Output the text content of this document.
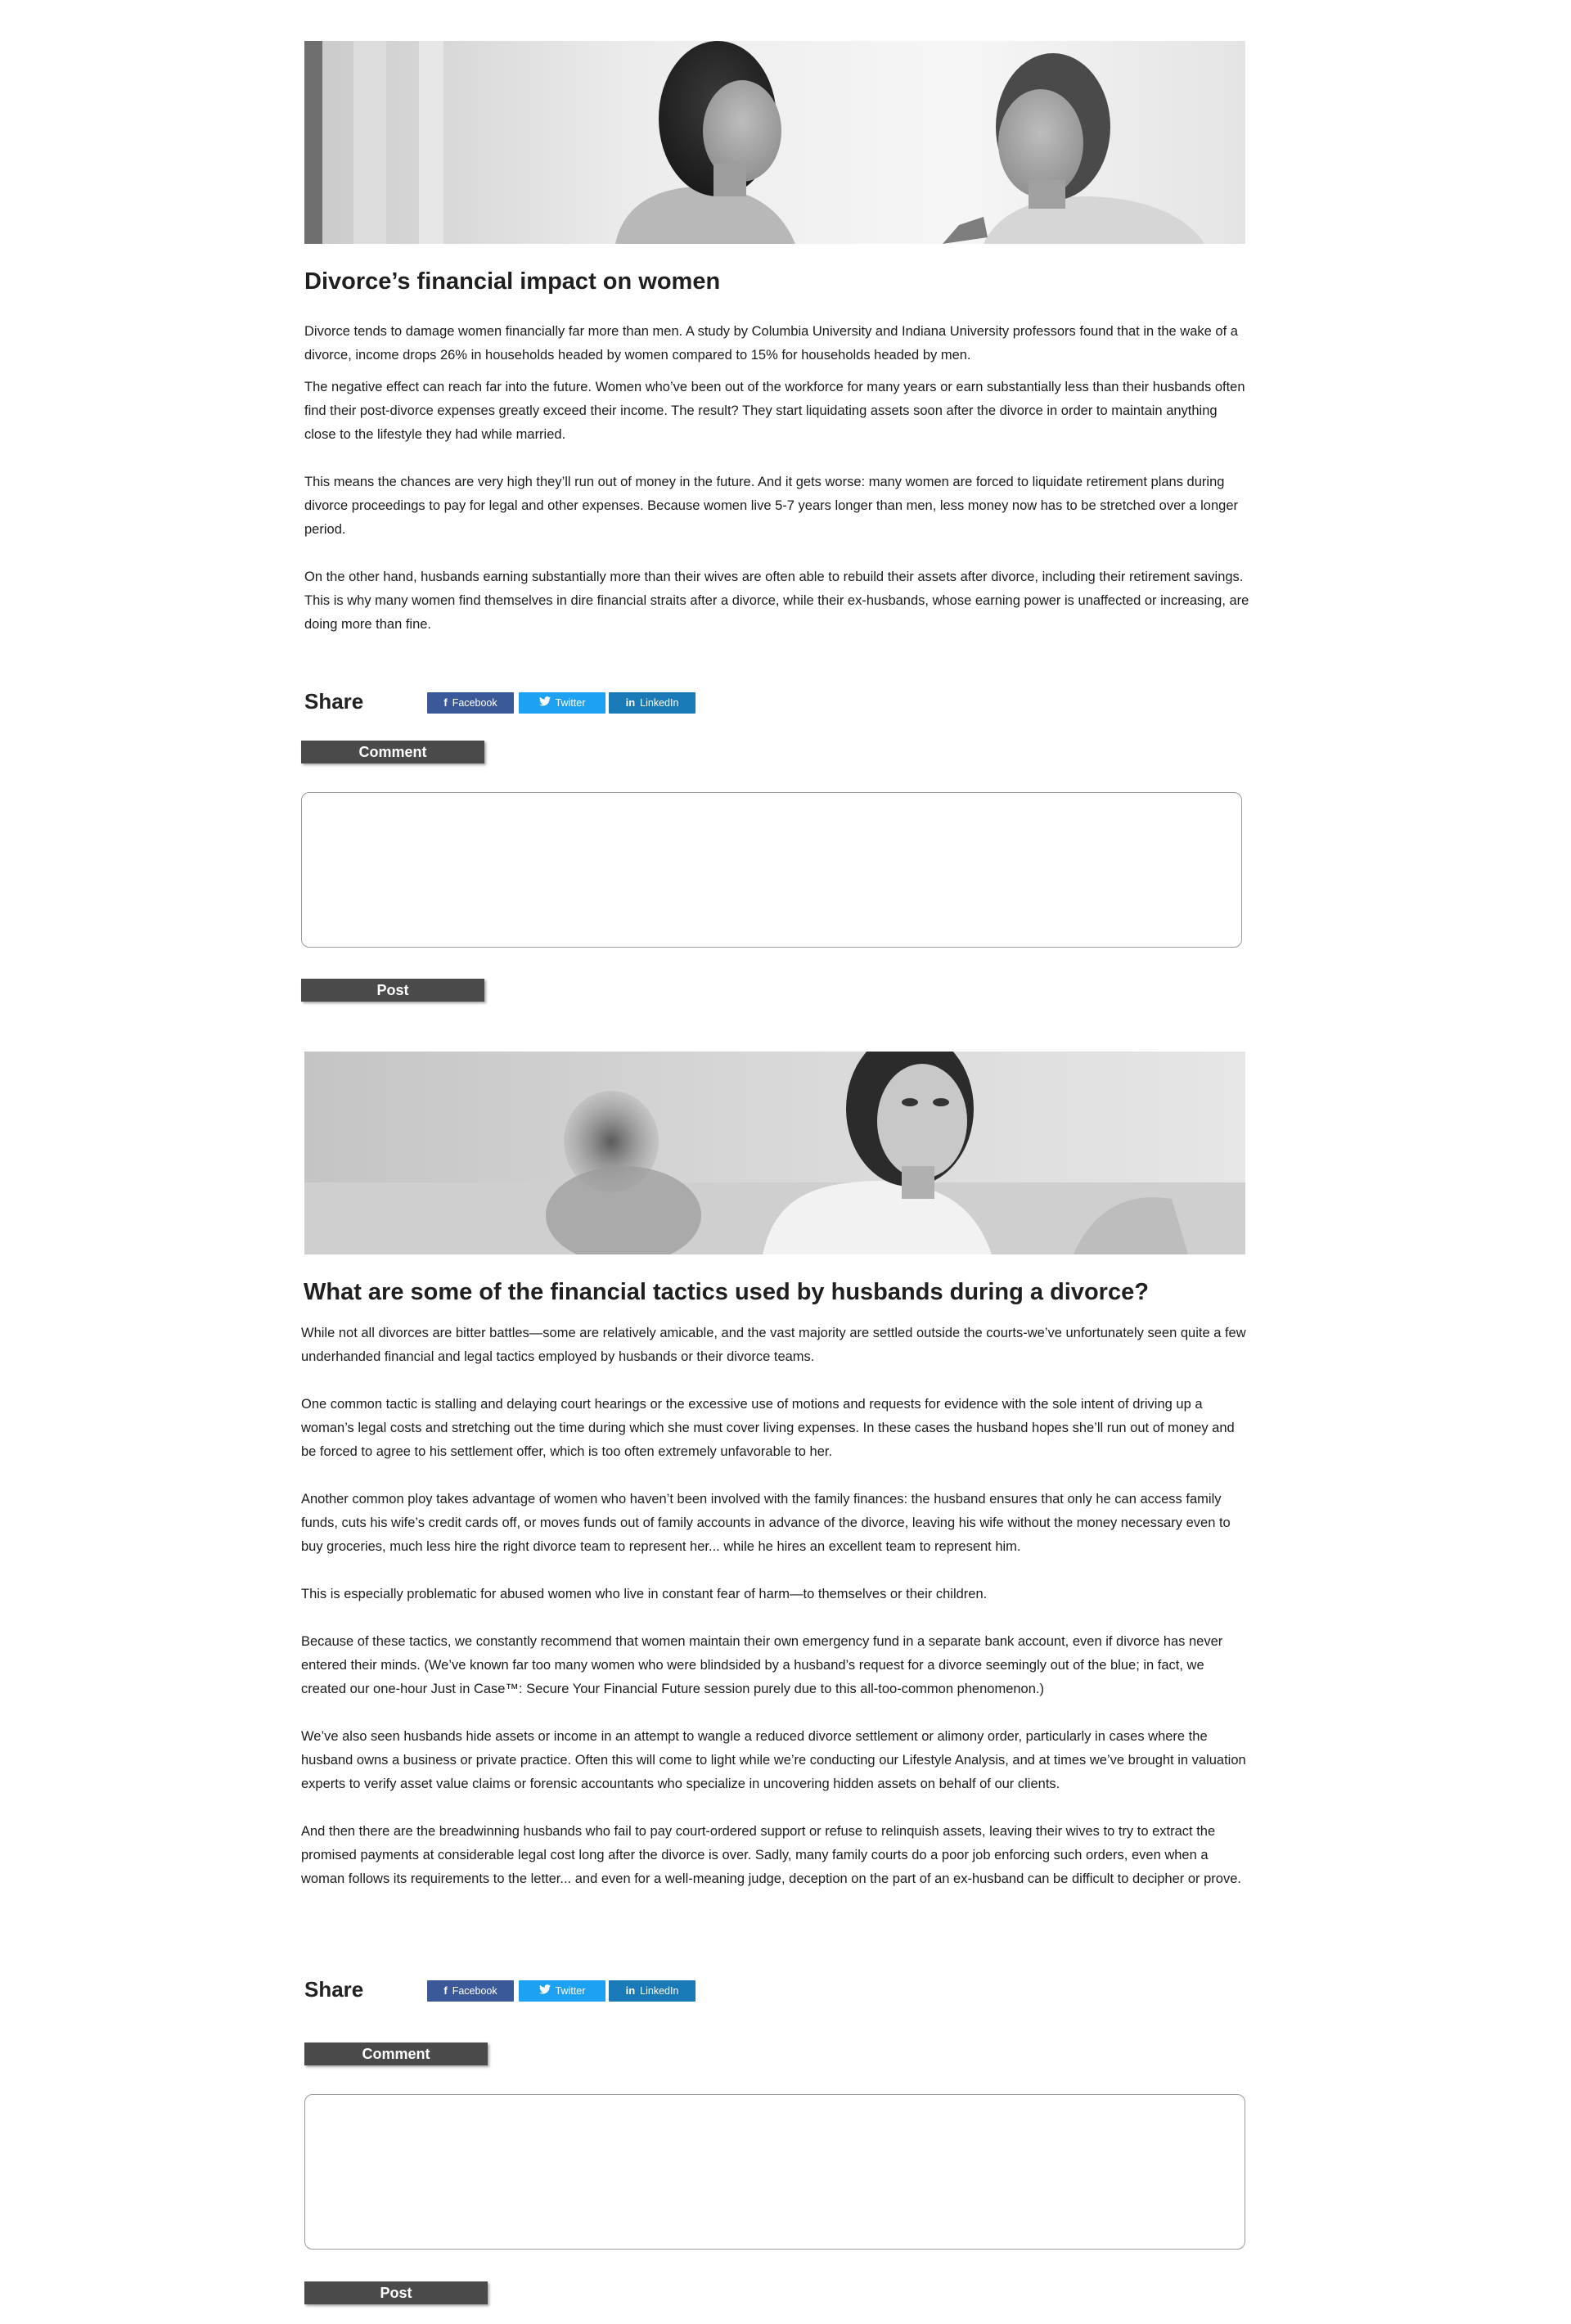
Divorce’s financial impact on women

Divorce tends to damage women financially far more than men. A study by Columbia University and Indiana University professors found that in the wake of a divorce, income drops 26% in households headed by women compared to 15% for households headed by men.

The negative effect can reach far into the future. Women who’ve been out of the workforce for many years or earn substantially less than their husbands often find their post-divorce expenses greatly exceed their income. The result? They start liquidating assets soon after the divorce in order to maintain anything close to the lifestyle they had while married.

This means the chances are very high they’ll run out of money in the future. And it gets worse: many women are forced to liquidate retirement plans during divorce proceedings to pay for legal and other expenses. Because women live 5-7 years longer than men, less money now has to be stretched over a longer period.

On the other hand, husbands earning substantially more than their wives are often able to rebuild their assets after divorce, including their retirement savings. This is why many women find themselves in dire financial straits after a divorce, while their ex-husbands, whose earning power is unaffected or increasing, are doing more than fine.

Share	f Facebook	Twitter	in LinkedIn
Comment
Post
What are some of the financial tactics used by husbands during a divorce?

While not all divorces are bitter battles—some are relatively amicable, and the vast majority are settled outside the courts-we’ve unfortunately seen quite a few underhanded financial and legal tactics employed by husbands or their divorce teams.

One common tactic is stalling and delaying court hearings or the excessive use of motions and requests for evidence with the sole intent of driving up a woman’s legal costs and stretching out the time during which she must cover living expenses. In these cases the husband hopes she’ll run out of money and be forced to agree to his settlement offer, which is too often extremely unfavorable to her.

Another common ploy takes advantage of women who haven’t been involved with the family finances: the husband ensures that only he can access family funds, cuts his wife’s credit cards off, or moves funds out of family accounts in advance of the divorce, leaving his wife without the money necessary even to buy groceries, much less hire the right divorce team to represent her... while he hires an excellent team to represent him.

This is especially problematic for abused women who live in constant fear of harm—to themselves or their children.

Because of these tactics, we constantly recommend that women maintain their own emergency fund in a separate bank account, even if divorce has never entered their minds. (We’ve known far too many women who were blindsided by a husband’s request for a divorce seemingly out of the blue; in fact, we created our one-hour Just in Case™: Secure Your Financial Future session purely due to this all-too-common phenomenon.)

We’ve also seen husbands hide assets or income in an attempt to wangle a reduced divorce settlement or alimony order, particularly in cases where the husband owns a business or private practice. Often this will come to light while we’re conducting our Lifestyle Analysis, and at times we’ve brought in valuation experts to verify asset value claims or forensic accountants who specialize in uncovering hidden assets on behalf of our clients.

And then there are the breadwinning husbands who fail to pay court-ordered support or refuse to relinquish assets, leaving their wives to try to extract the promised payments at considerable legal cost long after the divorce is over. Sadly, many family courts do a poor job enforcing such orders, even when a woman follows its requirements to the letter... and even for a well-meaning judge, deception on the part of an ex-husband can be difficult to decipher or prove.

Share	f Facebook	Twitter	in LinkedIn
Comment
Post
